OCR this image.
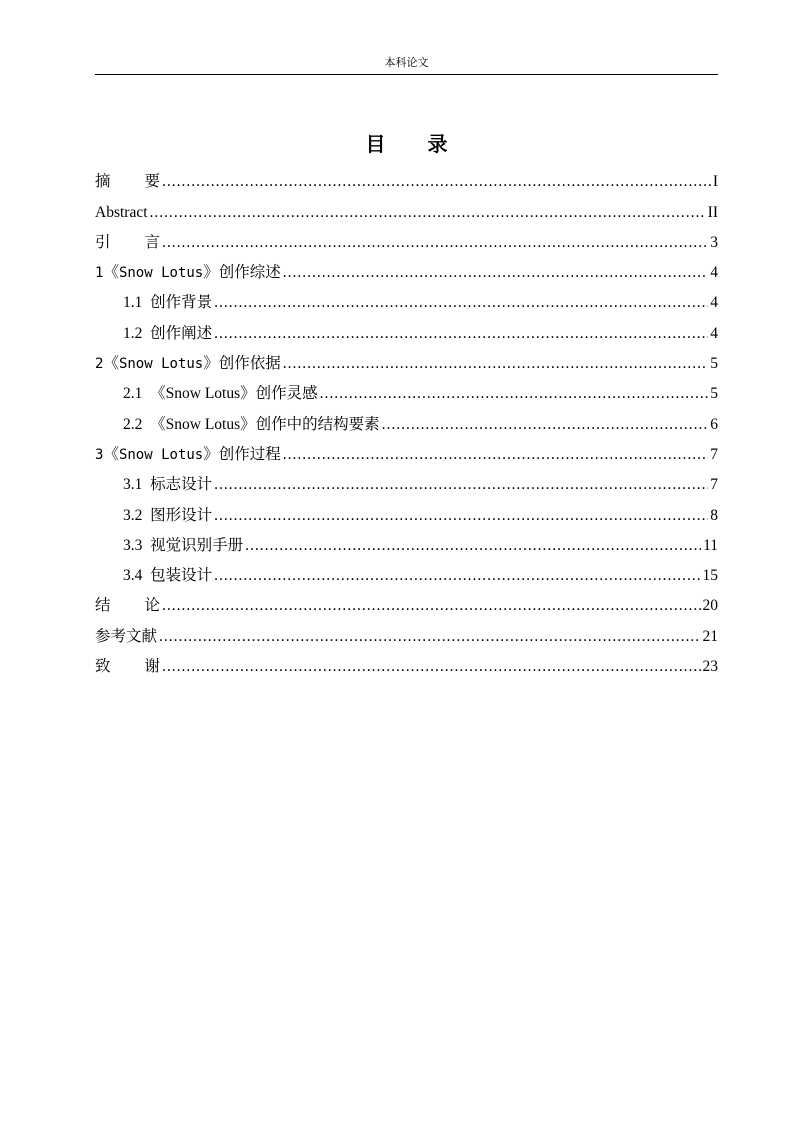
本科论文
目 录
摘 要 .....	I
Abstract .....	II
引 言 .....	3
1《Snow Lotus》创作综述 .....	4
1.1  创作背景 .....	4
1.2  创作阐述 .....	4
2《Snow Lotus》创作依据 .....	5
2.1  《Snow Lotus》创作灵感 .....	5
2.2  《Snow Lotus》创作中的结构要素 .....	6
3《Snow Lotus》创作过程 .....	7
3.1  标志设计 .....	7
3.2  图形设计 .....	8
3.3  视觉识别手册 .....	11
3.4  包装设计 .....	15
结 论 .....	20
参考文献 .....	21
致 谢 .....	23
